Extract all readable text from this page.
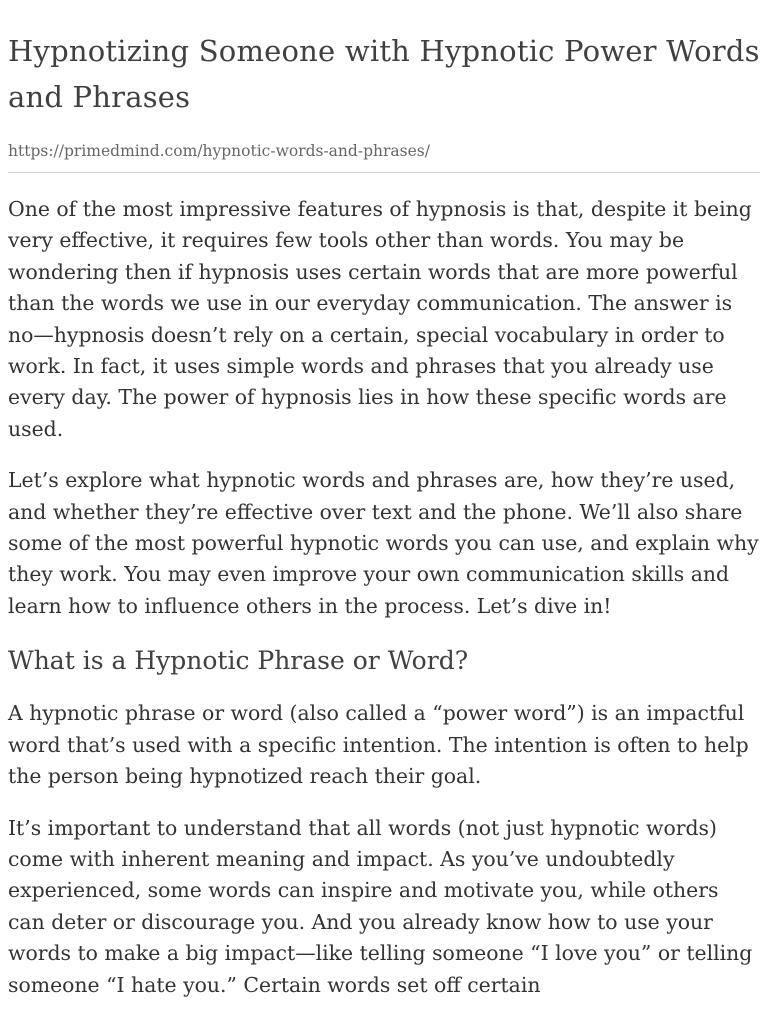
Hypnotizing Someone with Hypnotic Power Words and Phrases
https://primedmind.com/hypnotic-words-and-phrases/

One of the most impressive features of hypnosis is that, despite it being very effective, it requires few tools other than words. You may be wondering then if hypnosis uses certain words that are more powerful than the words we use in our everyday communication. The answer is no—hypnosis doesn’t rely on a certain, special vocabulary in order to work. In fact, it uses simple words and phrases that you already use every day. The power of hypnosis lies in how these specific words are used.

Let’s explore what hypnotic words and phrases are, how they’re used, and whether they’re effective over text and the phone. We’ll also share some of the most powerful hypnotic words you can use, and explain why they work. You may even improve your own communication skills and learn how to influence others in the process. Let’s dive in!

What is a Hypnotic Phrase or Word?

A hypnotic phrase or word (also called a “power word”) is an impactful word that’s used with a specific intention. The intention is often to help the person being hypnotized reach their goal.

It’s important to understand that all words (not just hypnotic words) come with inherent meaning and impact. As you’ve undoubtedly experienced, some words can inspire and motivate you, while others can deter or discourage you. And you already know how to use your words to make a big impact—like telling someone “I love you” or telling someone “I hate you.” Certain words set off certain
